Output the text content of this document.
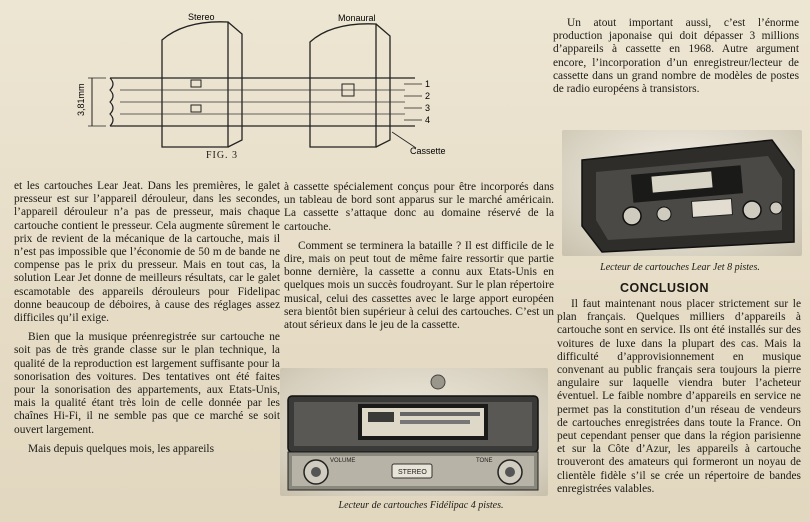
3,81mm
Stereo	Monaural
Cassette
1
2
3
4
FIG. 3

et les cartouches Lear Jeat. Dans les premières, le galet presseur est sur l’appareil dérouleur, dans les secondes, l’appareil dérouleur n’a pas de presseur, mais chaque cartouche contient le presseur. Cela augmente sûrement le prix de revient de la mécanique de la cartouche, mais il n’est pas impossible que l’économie de 50 m de bande ne compense pas le prix du presseur. Mais en tout cas, la solution Lear Jet donne de meilleurs résultats, car le galet escamotable des appareils dérouleurs pour Fidelipac donne beaucoup de déboires, à cause des réglages assez difficiles qu’il exige.

Bien que la musique préenregistrée sur cartouche ne soit pas de très grande classe sur le plan technique, la qualité de la reproduction est largement suffisante pour la sonorisation des voitures. Des tentatives ont été faites pour la sonorisation des appartements, aux Etats-Unis, mais la qualité étant très loin de celle donnée par les chaînes Hi-Fi, il ne semble pas que ce marché se soit ouvert largement.

Mais depuis quelques mois, les appareils

à cassette spécialement conçus pour être incorporés dans un tableau de bord sont apparus sur le marché américain. La cassette s’attaque donc au domaine réservé de la cartouche.

Comment se terminera la bataille ? Il est difficile de le dire, mais on peut tout de même faire ressortir que partie bonne dernière, la cassette a connu aux Etats-Unis en quelques mois un succès foudroyant. Sur le plan répertoire musical, celui des cassettes avec le large apport européen sera bientôt bien supérieur à celui des cartouches. C’est un atout sérieux dans le jeu de la cassette.

STEREO
VOLUME	TONE
Lecteur de cartouches Fidélipac 4 pistes.

Un atout important aussi, c’est l’énorme production japonaise qui doit dépasser 3 millions d’appareils à cassette en 1968. Autre argument encore, l’incorporation d’un enregistreur/lecteur de cassette dans un grand nombre de modèles de postes de radio européens à transistors.

Lecteur de cartouches Lear Jet 8 pistes.
CONCLUSION

Il faut maintenant nous placer strictement sur le plan français. Quelques milliers d’appareils à cartouche sont en service. Ils ont été installés sur des voitures de luxe dans la plupart des cas. Mais la difficulté d’approvisionnement en musique convenant au public français sera toujours la pierre angulaire sur laquelle viendra buter l’acheteur éventuel. Le faible nombre d’appareils en service ne permet pas la constitution d’un réseau de vendeurs de cartouches enregistrées dans toute la France. On peut cependant penser que dans la région parisienne et sur la Côte d’Azur, les appareils à cartouche trouveront des amateurs qui formeront un noyau de clientèle fidèle s’il se crée un répertoire de bandes enregistrées valables.
